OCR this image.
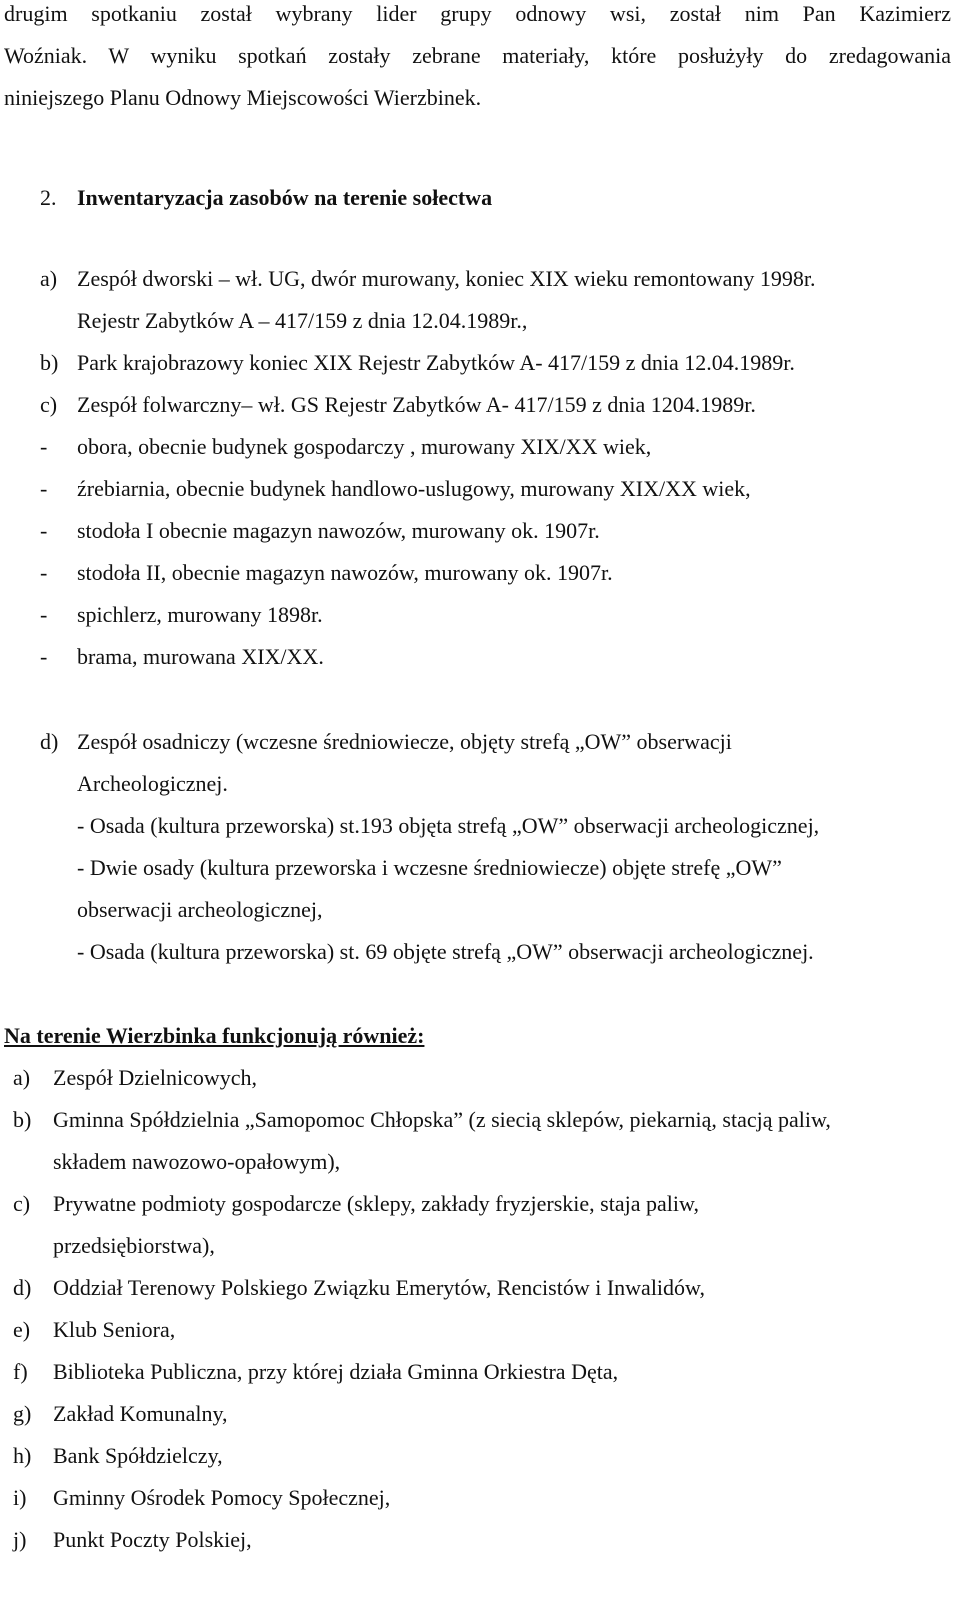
drugim spotkaniu został wybrany lider grupy odnowy wsi, został nim Pan Kazimierz
Woźniak. W wyniku spotkań zostały zebrane materiały, które posłużyły do zredagowania
niniejszego Planu Odnowy Miejscowości Wierzbinek.
2. Inwentaryzacja zasobów na terenie sołectwa
a) Zespół dworski – wł. UG, dwór murowany, koniec XIX wieku remontowany 1998r.
Rejestr Zabytków A – 417/159 z dnia 12.04.1989r.,
b) Park krajobrazowy koniec XIX Rejestr Zabytków A- 417/159 z dnia 12.04.1989r.
c) Zespół folwarczny– wł. GS Rejestr Zabytków A- 417/159 z dnia 1204.1989r.
- obora, obecnie budynek gospodarczy , murowany XIX/XX wiek,
- źrebiarnia, obecnie budynek handlowo-uslugowy, murowany XIX/XX wiek,
- stodoła I obecnie magazyn nawozów, murowany ok. 1907r.
- stodoła II, obecnie magazyn nawozów, murowany ok. 1907r.
- spichlerz, murowany 1898r.
- brama, murowana XIX/XX.
d) Zespół osadniczy (wczesne średniowiecze, objęty strefą „OW” obserwacji
Archeologicznej.
- Osada (kultura przeworska) st.193 objęta strefą „OW” obserwacji archeologicznej,
- Dwie osady (kultura przeworska i wczesne średniowiecze) objęte strefę „OW”
obserwacji archeologicznej,
- Osada (kultura przeworska) st. 69 objęte strefą „OW” obserwacji archeologicznej.
Na terenie Wierzbinka funkcjonują również:
a) Zespół Dzielnicowych,
b) Gminna Spółdzielnia „Samopomoc Chłopska” (z siecią sklepów, piekarnią, stacją paliw,
składem nawozowo-opałowym),
c) Prywatne podmioty gospodarcze (sklepy, zakłady fryzjerskie, staja paliw,
przedsiębiorstwa),
d) Oddział Terenowy Polskiego Związku Emerytów, Rencistów i Inwalidów,
e) Klub Seniora,
f) Biblioteka Publiczna, przy której działa Gminna Orkiestra Dęta,
g) Zakład Komunalny,
h) Bank Spółdzielczy,
i) Gminny Ośrodek Pomocy Społecznej,
j) Punkt Poczty Polskiej,
